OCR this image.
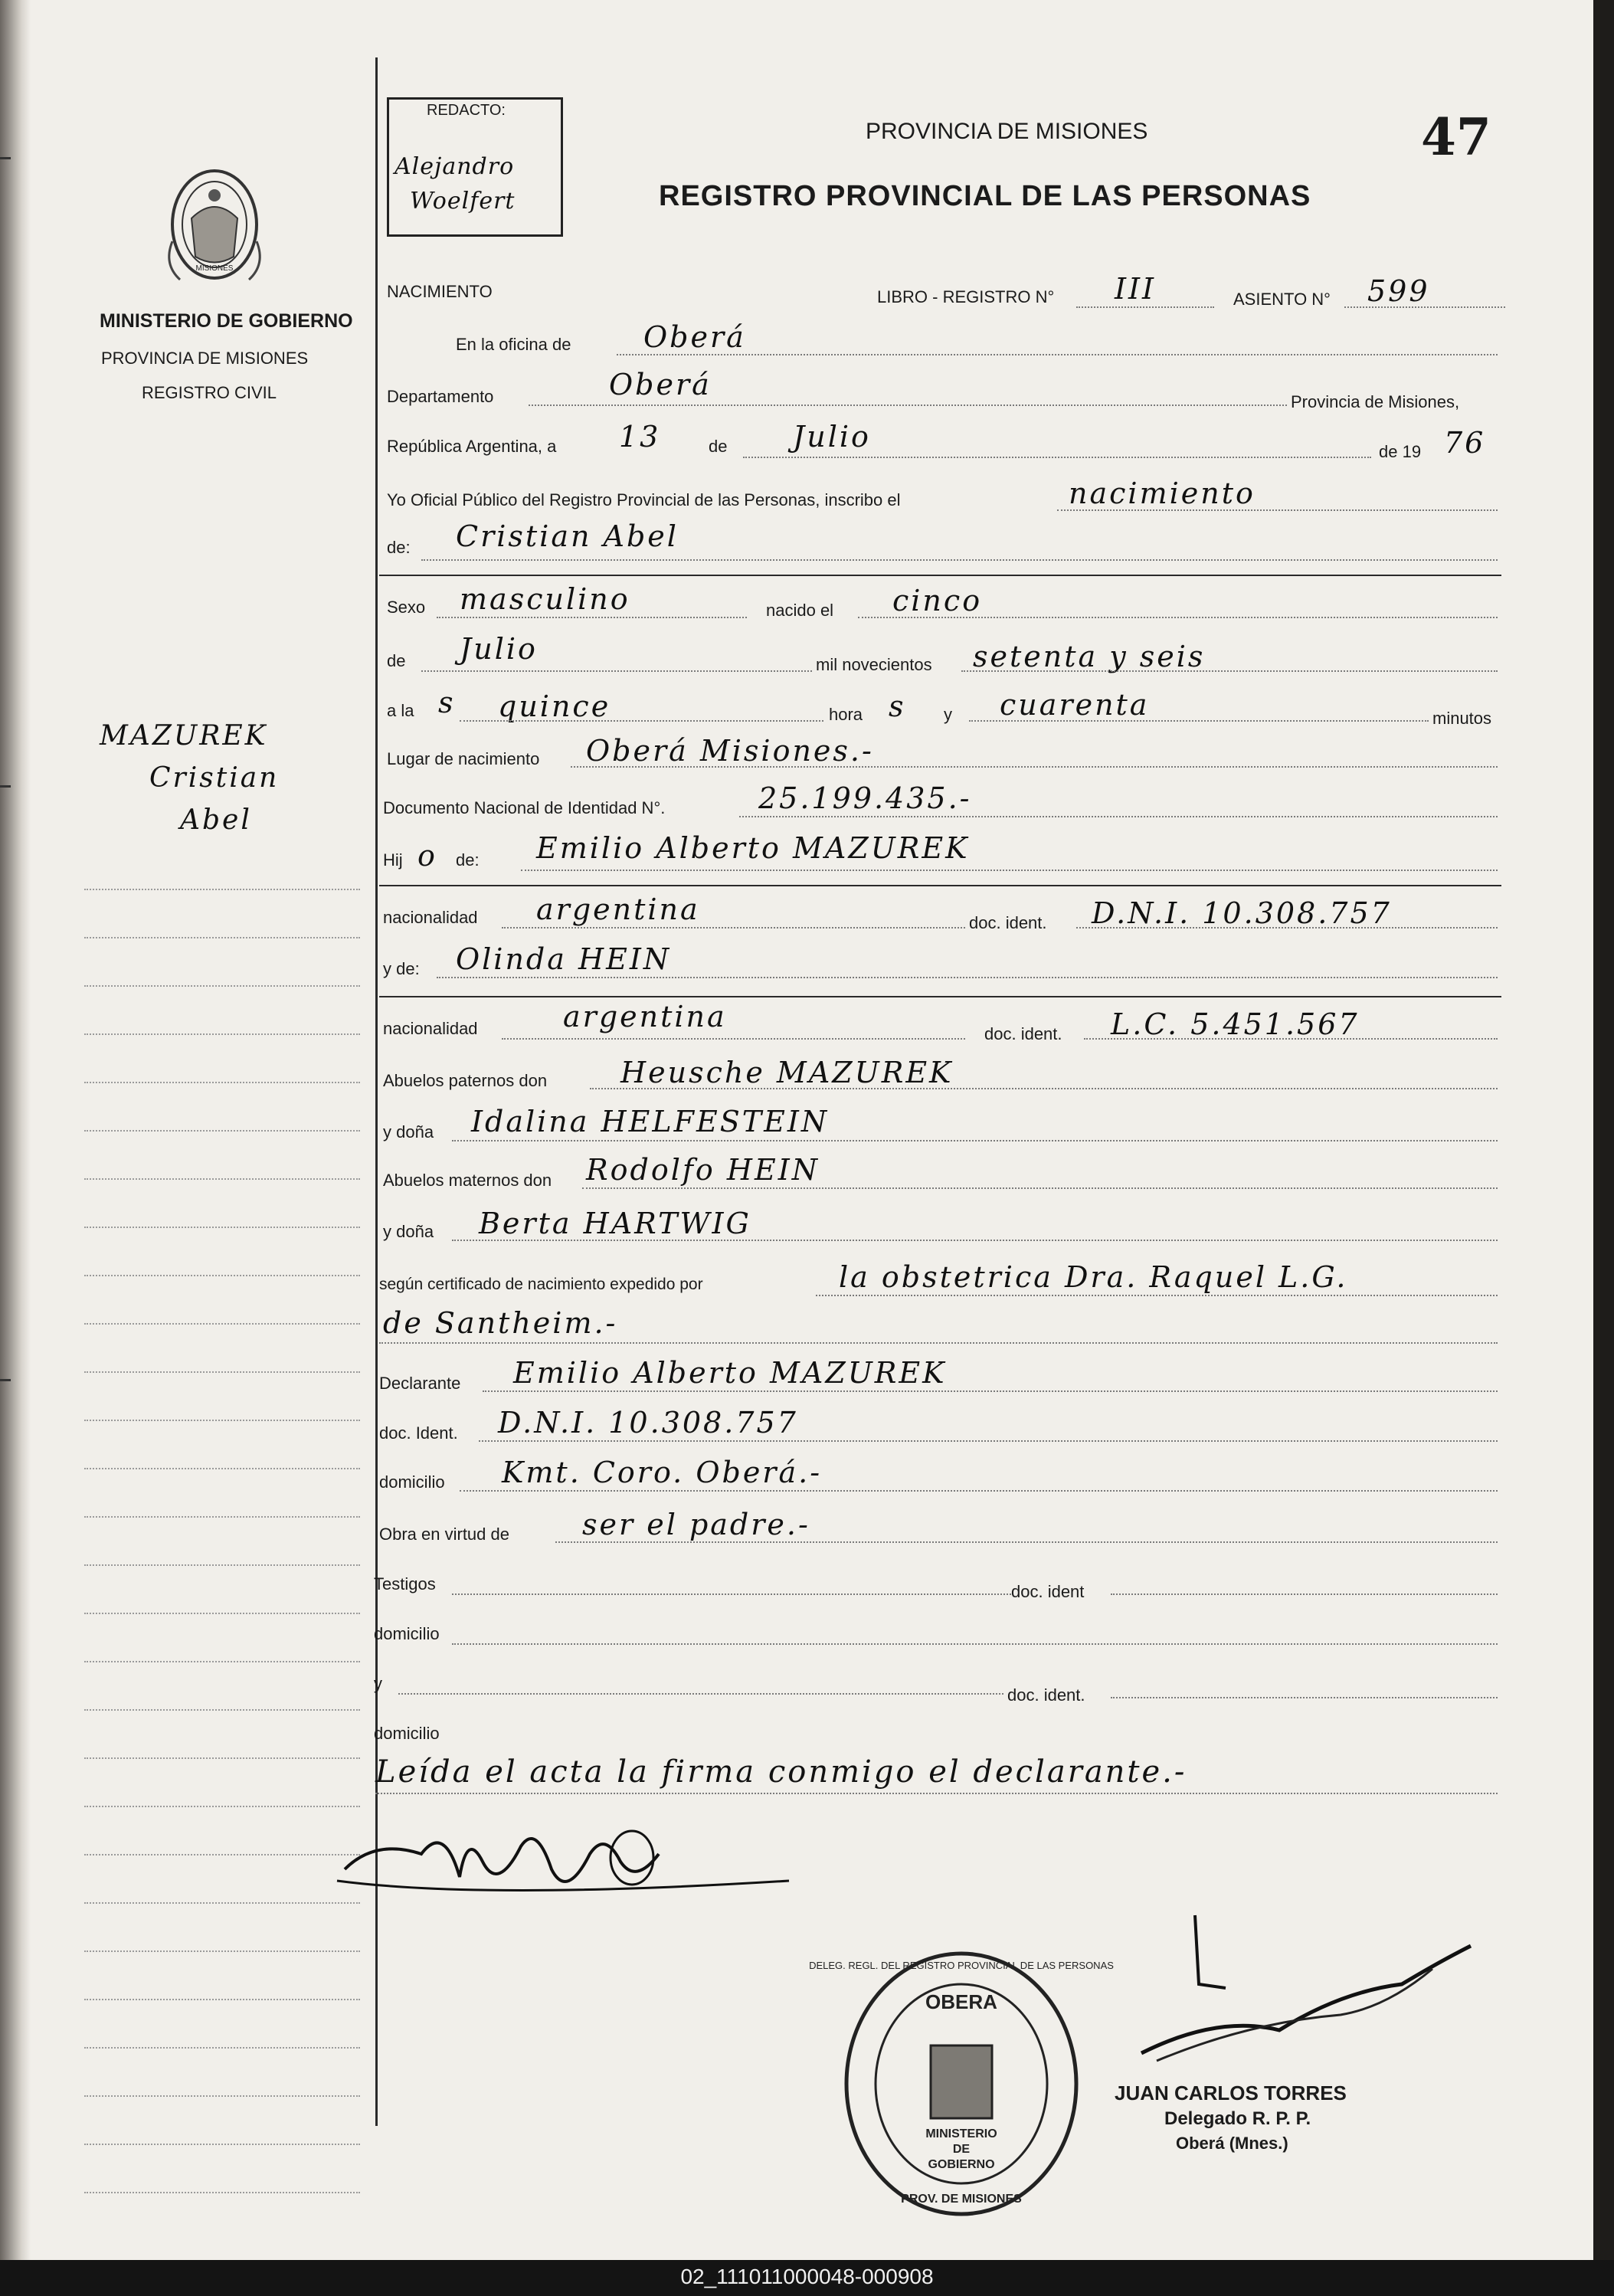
MISIONES
MINISTERIO DE GOBIERNO
PROVINCIA DE MISIONES
REGISTRO CIVIL
MAZUREK
Cristian
Abel
REDACTO:
Alejandro
Woelfert
PROVINCIA DE MISIONES
REGISTRO PROVINCIAL DE LAS PERSONAS
47
NACIMIENTO	LIBRO - REGISTRO N° III	ASIENTO N° 599
En la oficina de Oberá
Departamento	Oberá
Provincia de Misiones,
República Argentina, a 13	de Julio	de 19 76
Yo Oficial Público del Registro Provincial de las Personas, inscribo el	nacimiento
de: Cristian Abel
Sexo masculino	nacido el cinco
de Julio	mil novecientos setenta y seis
a la s quince	hora s y cuarenta	minutos
Lugar de nacimiento Oberá Misiones.-
Documento Nacional de Identidad N°.	25.199.435.-
Hij o de: Emilio Alberto MAZUREK
nacionalidad argentina	doc. ident. D.N.I. 10.308.757
y de: Olinda HEIN
nacionalidad	argentina
doc. ident. L.C. 5.451.567
Abuelos paternos don	Heusche MAZUREK
y doña Idalina HELFESTEIN
Abuelos maternos don Rodolfo HEIN
y doña Berta HARTWIG
según certificado de nacimiento expedido por	la obstetrica Dra. Raquel L.G.
de Santheim.-
Declarante Emilio Alberto MAZUREK
doc. Ident. D.N.I. 10.308.757
domicilio Kmt. Coro. Oberá.-
Obra en virtud de	ser el padre.-
Testigos	doc. ident
domicilio
y
doc. ident.
domicilio
Leída el acta la firma conmigo el declarante.-
OBERA
DELEG. REGL. DEL REGISTRO PROVINCIAL DE LAS PERSONAS
MINISTERIO
DE
GOBIERNO
PROV. DE MISIONES
JUAN CARLOS TORRES
Delegado R. P. P.
Oberá (Mnes.)
02_111011000048-000908
